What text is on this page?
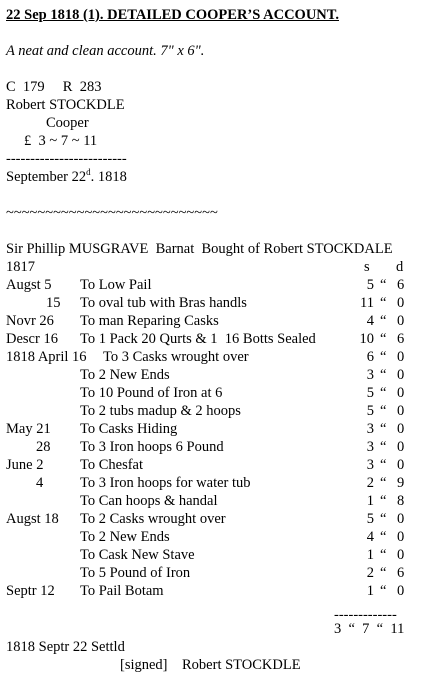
22 Sep 1818 (1). DETAILED COOPER’S ACCOUNT.
A neat and clean account. 7" x 6".
C  179 R  283
Robert STOCKDLE
Cooper
£  3 ~ 7 ~ 11
-------------------------
September 22$^d$. 1818
~~~~~~~~~~~~~~~~~~~~~~~~~~~
Sir Phillip MUSGRAVE  Barnat  Bought of Robert STOCKDALE
1817	s d
Augst 5 To Low Pail	5 “ 6
15 To oval tub with Bras handls	11 “ 0
Novr 26 To man Reparing Casks	4 “ 0
Descr 16 To 1 Pack 20 Qurts & 1  16 Botts Sealed	10 “ 6
1818 April 16 To 3 Casks wrought over	6 “ 0
To 2 New Ends	3 “ 0
To 10 Pound of Iron at 6	5 “ 0
To 2 tubs madup & 2 hoops	5 “ 0
May 21 To Casks Hiding	3 “ 0
28 To 3 Iron hoops 6 Pound	3 “ 0
June 2	To Chesfat	3 “ 0
4	To 3 Iron hoops for water tub	2 “ 9
To Can hoops & handal	1 “ 8
Augst 18 To 2 Casks wrought over	5 “ 0
To 2 New Ends	4 “ 0
To Cask New Stave	1 “ 0
To 5 Pound of Iron	2 “ 6
Septr 12 To Pail Botam	1 “ 0
-------------
3  “  7  “  11
1818 Septr 22 Settld
[signed] Robert STOCKDLE
